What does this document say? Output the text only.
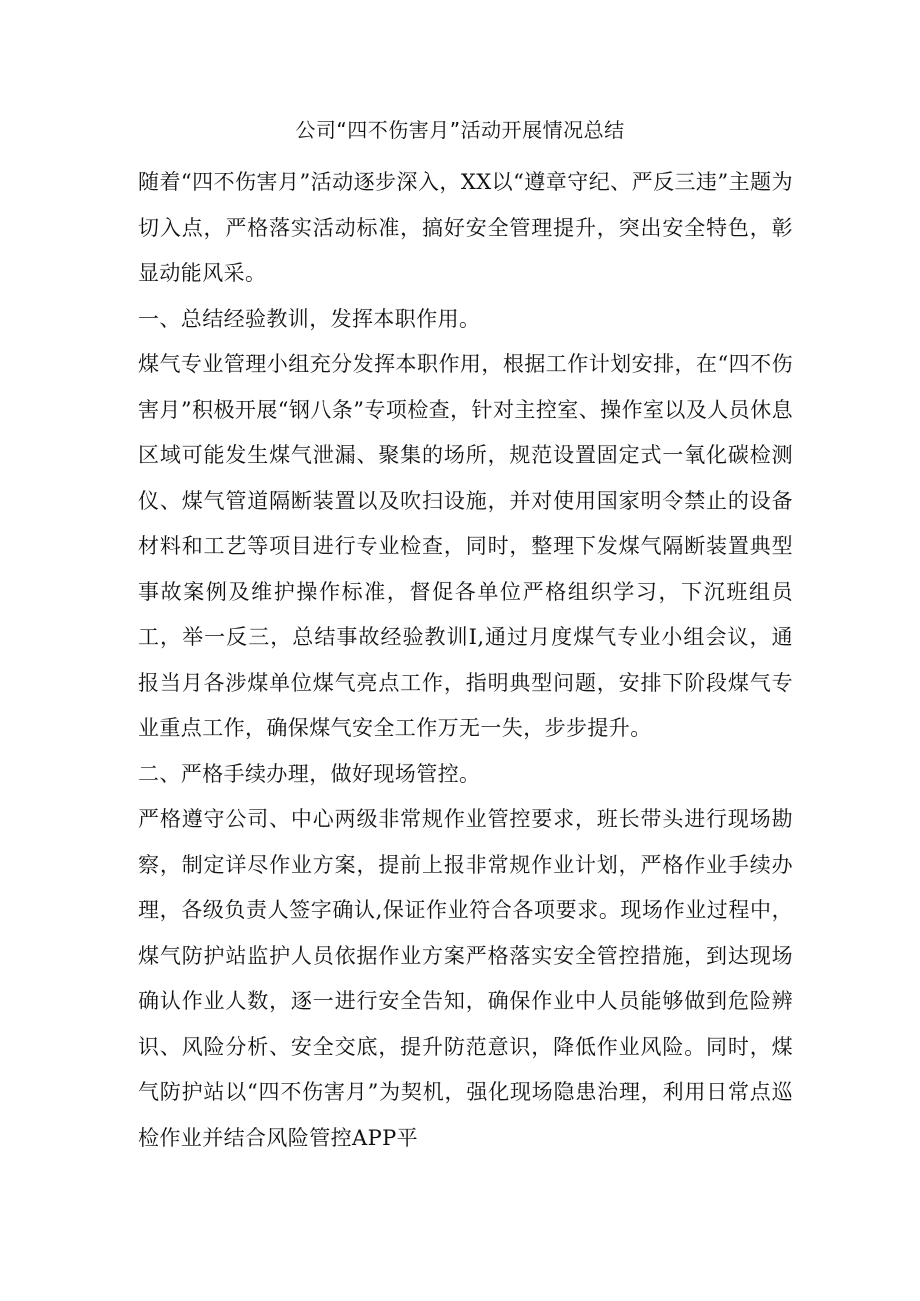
公司“四不伤害月”活动开展情况总结

随着“四不伤害月”活动逐步深入，XX以“遵章守纪、严反三违”主题为切入点，严格落实活动标准，搞好安全管理提升，突出安全特色，彰显动能风采。

一、总结经验教训，发挥本职作用。

煤气专业管理小组充分发挥本职作用，根据工作计划安排，在“四不伤害月”积极开展“钢八条”专项检查，针对主控室、操作室以及人员休息区域可能发生煤气泄漏、聚集的场所，规范设置固定式一氧化碳检测仪、煤气管道隔断装置以及吹扫设施，并对使用国家明令禁止的设备材料和工艺等项目进行专业检查，同时，整理下发煤气隔断装置典型事故案例及维护操作标准，督促各单位严格组织学习，下沉班组员工，举一反三，总结事故经验教训I,通过月度煤气专业小组会议，通报当月各涉煤单位煤气亮点工作，指明典型问题，安排下阶段煤气专业重点工作，确保煤气安全工作万无一失，步步提升。

二、严格手续办理，做好现场管控。

严格遵守公司、中心两级非常规作业管控要求，班长带头进行现场勘察，制定详尽作业方案，提前上报非常规作业计划，严格作业手续办理，各级负责人签字确认,保证作业符合各项要求。现场作业过程中，煤气防护站监护人员依据作业方案严格落实安全管控措施，到达现场确认作业人数，逐一进行安全告知，确保作业中人员能够做到危险辨识、风险分析、安全交底，提升防范意识，降低作业风险。同时，煤气防护站以“四不伤害月”为契机，强化现场隐患治理，利用日常点巡检作业并结合风险管控APP平
